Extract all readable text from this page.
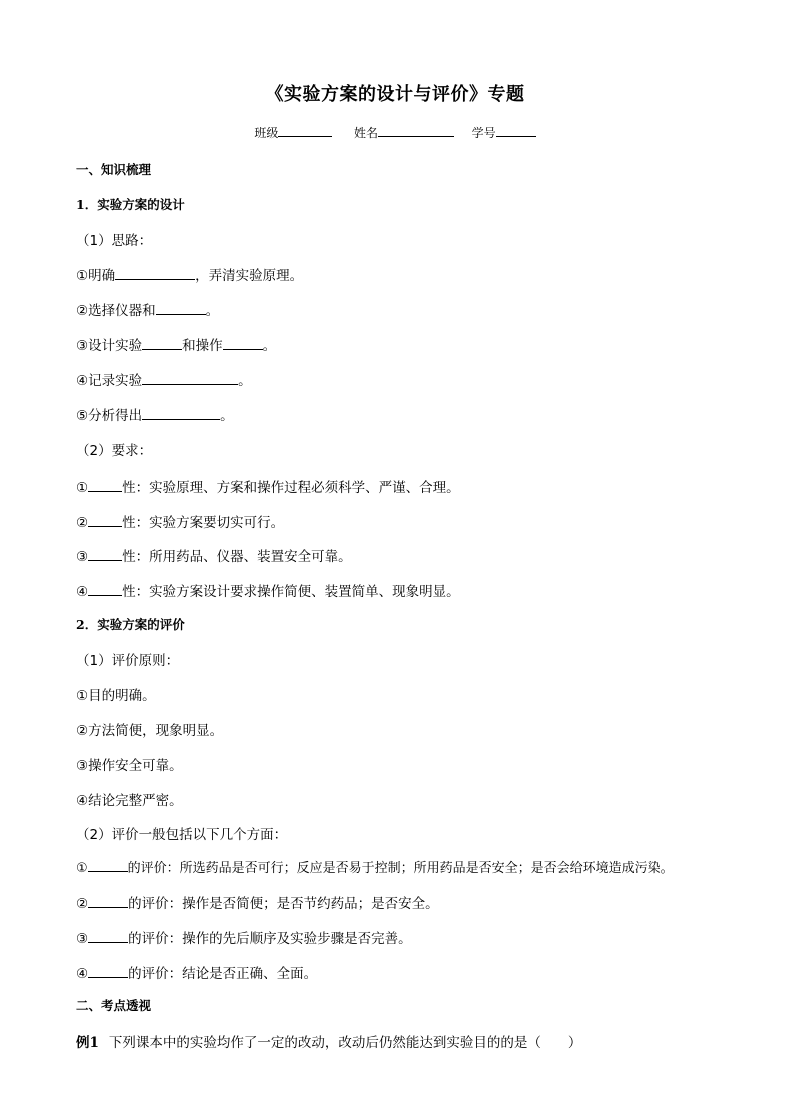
《实验方案的设计与评价》专题
班级	姓名	学号
一、知识梳理
1．实验方案的设计
（1）思路：
①明确	，弄清实验原理。
②选择仪器和	。
③设计实验	和操作	。
④记录实验	。
⑤分析得出	。
（2）要求：
①	性：实验原理、方案和操作过程必须科学、严谨、合理。
②	性：实验方案要切实可行。
③	性：所用药品、仪器、装置安全可靠。
④	性：实验方案设计要求操作简便、装置简单、现象明显。
2．实验方案的评价
（1）评价原则：
①目的明确。
②方法简便，现象明显。
③操作安全可靠。
④结论完整严密。
（2）评价一般包括以下几个方面：
①	的评价：所选药品是否可行；反应是否易于控制；所用药品是否安全；是否会给环境造成污染。
②	的评价：操作是否简便；是否节约药品；是否安全。
③	的评价：操作的先后顺序及实验步骤是否完善。
④	的评价：结论是否正确、全面。
二、考点透视
例1 下列课本中的实验均作了一定的改动，改动后仍然能达到实验目的的是（　　）
